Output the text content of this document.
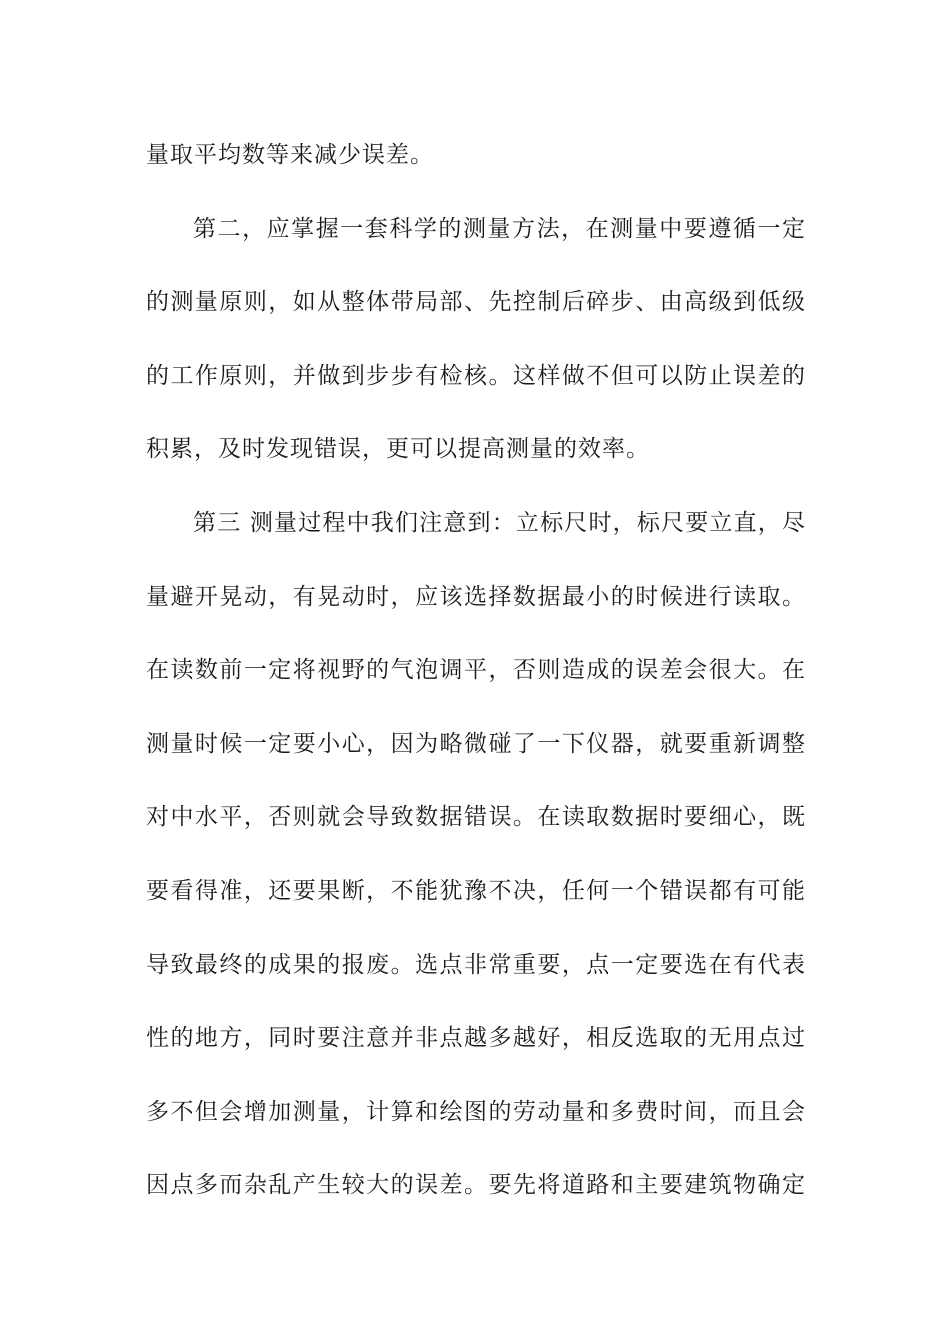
量取平均数等来减少误差。
第二，应掌握一套科学的测量方法，在测量中要遵循一定
的测量原则，如从整体带局部、先控制后碎步、由高级到低级
的工作原则，并做到步步有检核。这样做不但可以防止误差的
积累，及时发现错误，更可以提高测量的效率。
第三 测量过程中我们注意到：立标尺时，标尺要立直，尽
量避开晃动，有晃动时，应该选择数据最小的时候进行读取。
在读数前一定将视野的气泡调平，否则造成的误差会很大。在
测量时候一定要小心，因为略微碰了一下仪器，就要重新调整
对中水平，否则就会导致数据错误。在读取数据时要细心，既
要看得准，还要果断，不能犹豫不决，任何一个错误都有可能
导致最终的成果的报废。选点非常重要，点一定要选在有代表
性的地方，同时要注意并非点越多越好，相反选取的无用点过
多不但会增加测量，计算和绘图的劳动量和多费时间，而且会
因点多而杂乱产生较大的误差。要先将道路和主要建筑物确定
